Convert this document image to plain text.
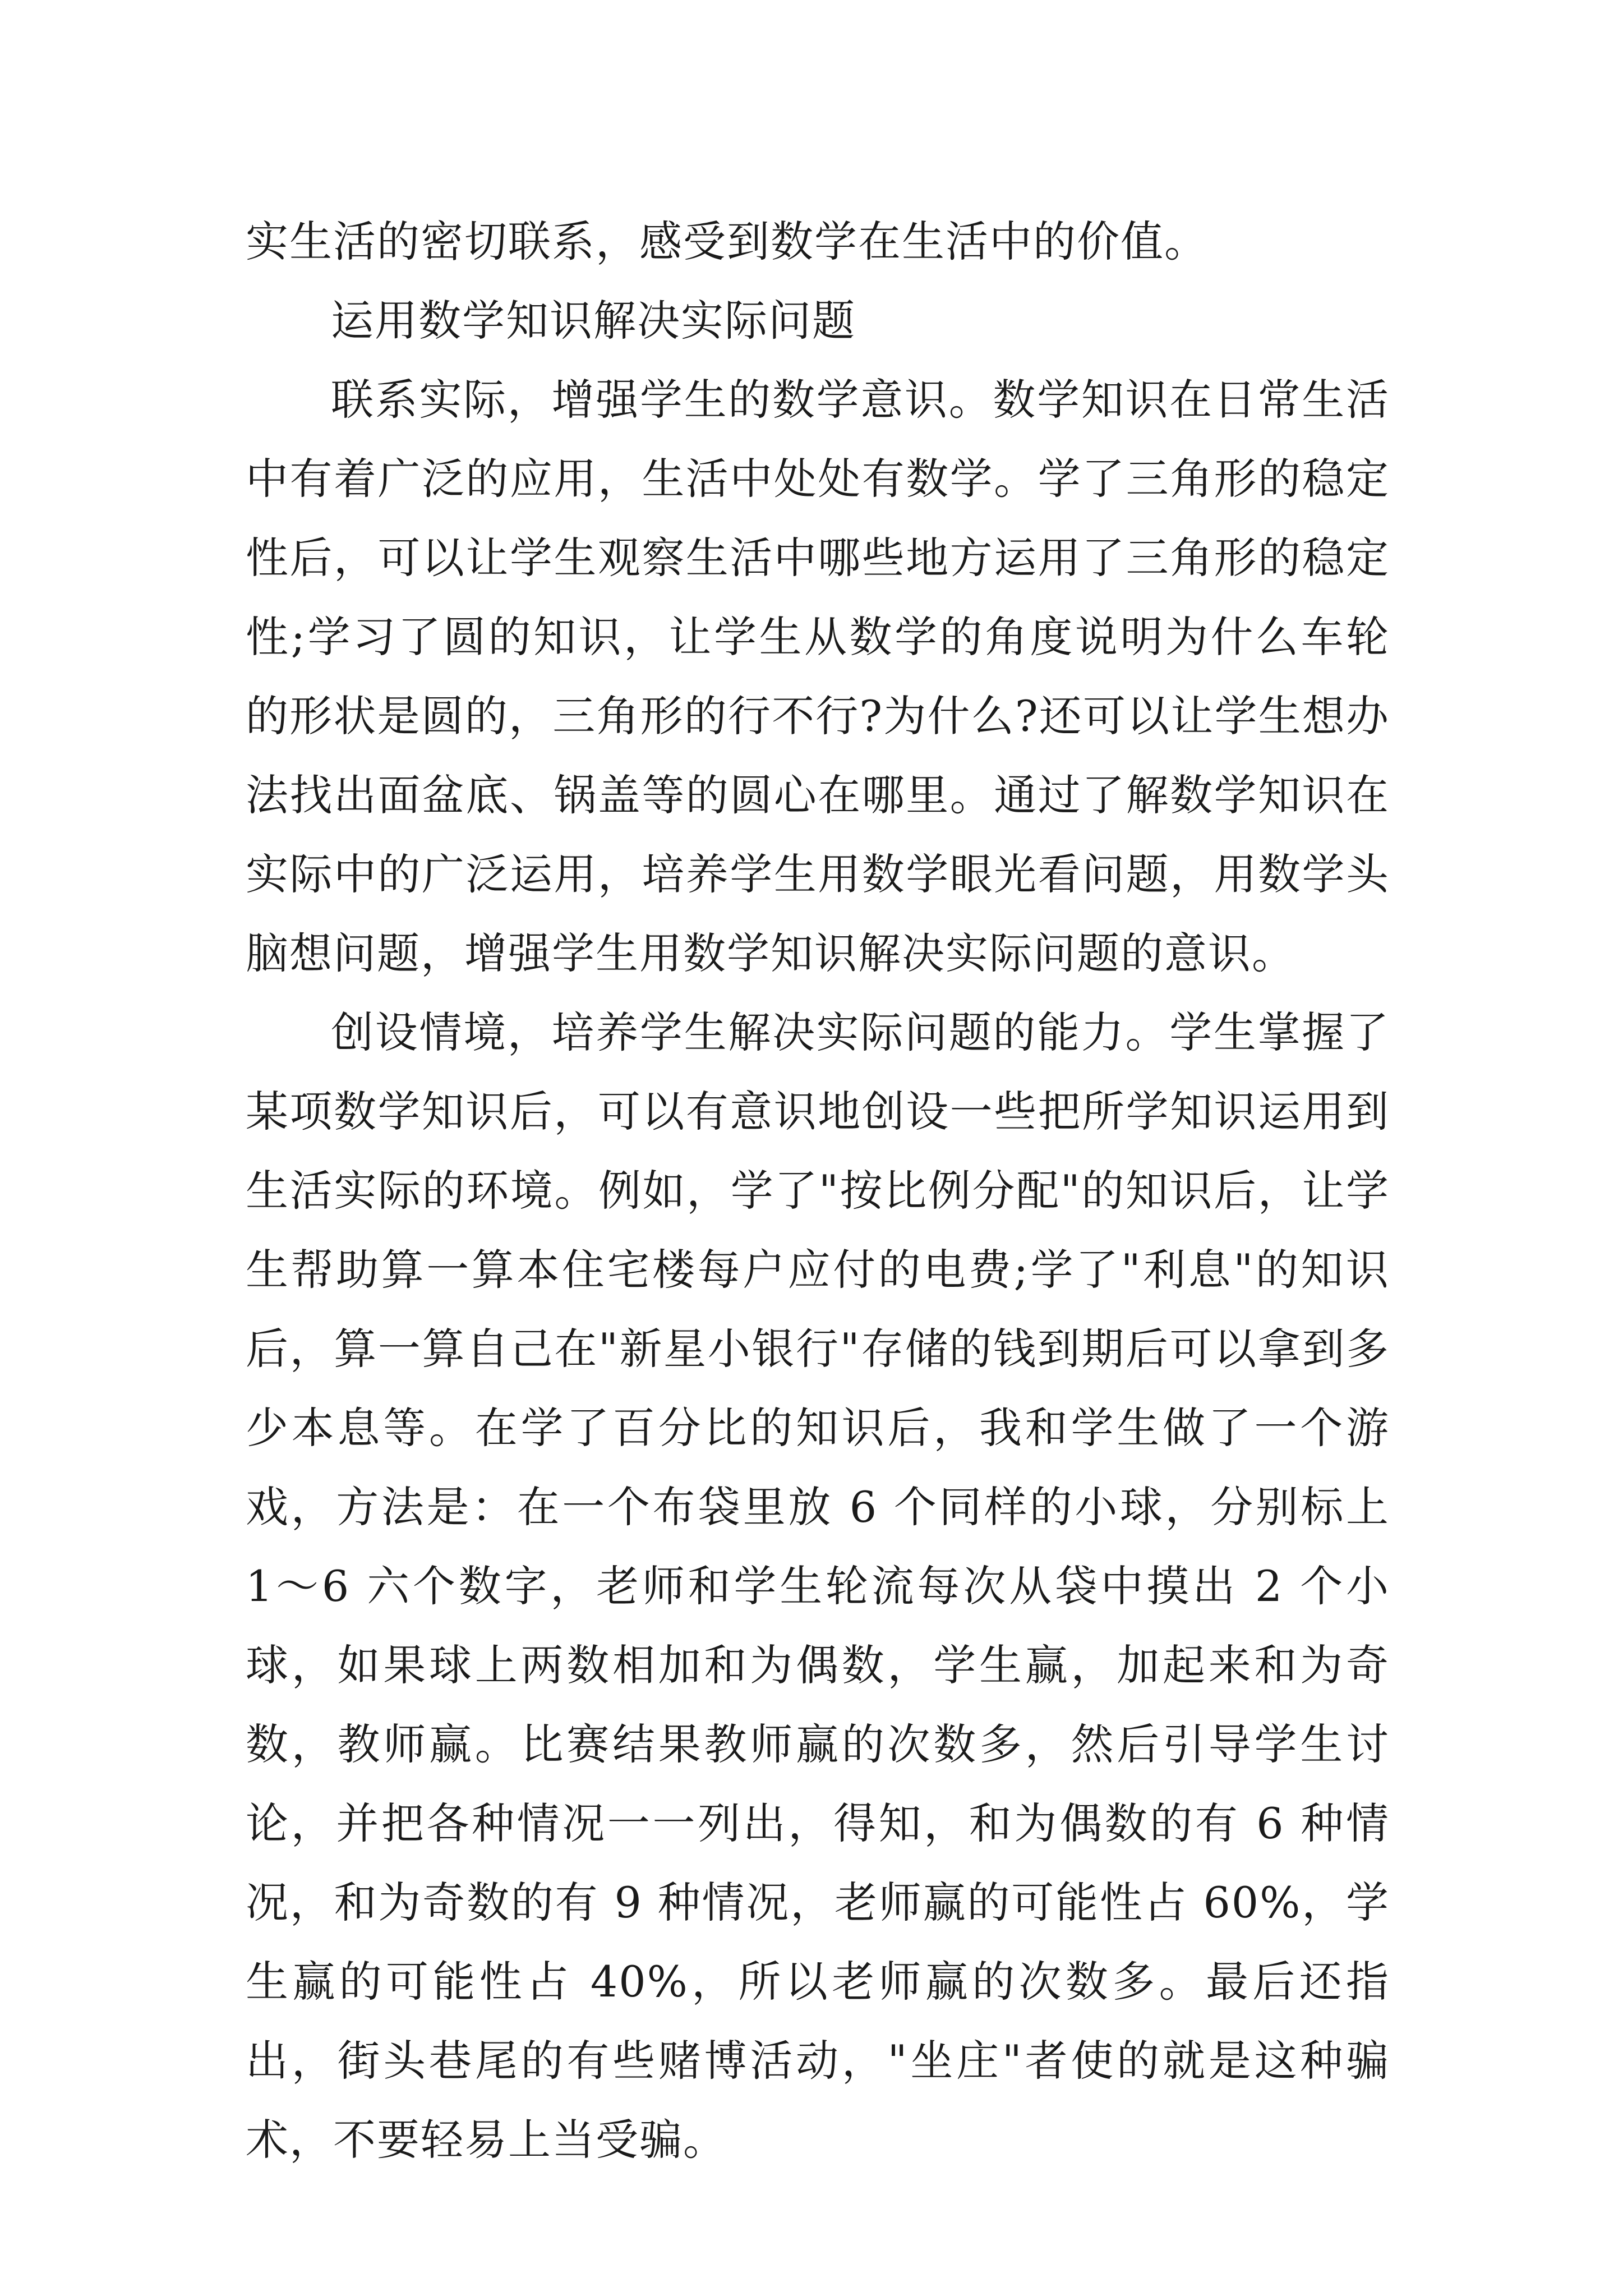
实生活的密切联系，感受到数学在生活中的价值。

运用数学知识解决实际问题

联系实际，增强学生的数学意识。数学知识在日常生活中有着广泛的应用，生活中处处有数学。学了三角形的稳定性后，可以让学生观察生活中哪些地方运用了三角形的稳定性;学习了圆的知识，让学生从数学的角度说明为什么车轮的形状是圆的，三角形的行不行?为什么?还可以让学生想办法找出面盆底、锅盖等的圆心在哪里。通过了解数学知识在实际中的广泛运用，培养学生用数学眼光看问题，用数学头脑想问题，增强学生用数学知识解决实际问题的意识。

创设情境，培养学生解决实际问题的能力。学生掌握了某项数学知识后，可以有意识地创设一些把所学知识运用到生活实际的环境。例如，学了"按比例分配"的知识后，让学生帮助算一算本住宅楼每户应付的电费;学了"利息"的知识后，算一算自己在"新星小银行"存储的钱到期后可以拿到多少本息等。在学了百分比的知识后，我和学生做了一个游戏，方法是：在一个布袋里放 6 个同样的小球，分别标上 1～6 六个数字，老师和学生轮流每次从袋中摸出 2 个小球，如果球上两数相加和为偶数，学生赢，加起来和为奇数，教师赢。比赛结果教师赢的次数多，然后引导学生讨论，并把各种情况一一列出，得知，和为偶数的有 6 种情况，和为奇数的有 9 种情况，老师赢的可能性占 60%，学生赢的可能性占 40%，所以老师赢的次数多。最后还指出，街头巷尾的有些赌博活动，"坐庄"者使的就是这种骗术，不要轻易上当受骗。
